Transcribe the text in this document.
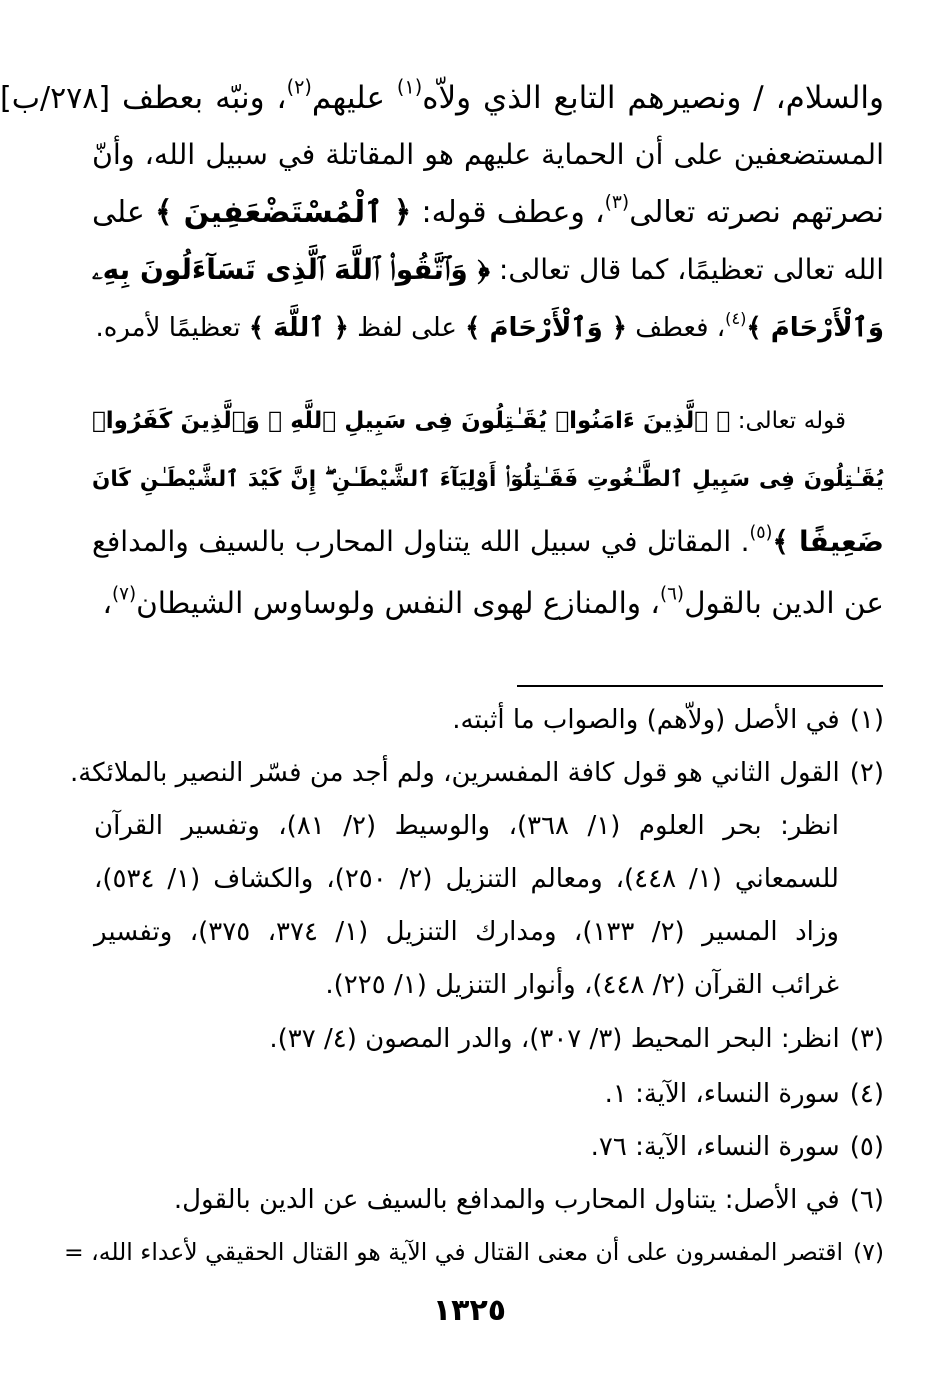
والسلام، / ونصيرهم التابع الذي ولاّه$^{(١)}$ عليهم$^{(٢)}$، ونبّه بعطف [٢٧٨/ب]
المستضعفين على أن الحماية عليهم هو المقاتلة في سبيل الله، وأنّ
نصرتهم نصرته تعالى$^{(٣)}$، وعطف قوله: ﴿ ٱلْمُسْتَضْعَفِينَ ﴾ على
الله تعالى تعظيمًا، كما قال تعالى: ﴿ وَٱتَّقُوا۟ ٱللَّهَ ٱلَّذِى تَسَآءَلُونَ بِهِۦ
وَٱلْأَرْحَامَ ﴾$^{(٤)}$، فعطف ﴿ وَٱلْأَرْحَامَ ﴾ على لفظ ﴿ ٱللَّهَ ﴾ تعظيمًا لأمره.
قوله تعالى: ﴿ ٱلَّذِينَ ءَامَنُوا۟ يُقَـٰتِلُونَ فِى سَبِيلِ ٱللَّهِ ۖ وَٱلَّذِينَ كَفَرُوا۟
يُقَـٰتِلُونَ فِى سَبِيلِ ٱلطَّـٰغُوتِ فَقَـٰتِلُوٓا۟ أَوْلِيَآءَ ٱلشَّيْطَـٰنِ ۖ إِنَّ كَيْدَ ٱلشَّيْطَـٰنِ كَانَ
ضَعِيفًا ﴾$^{(٥)}$. المقاتل في سبيل الله يتناول المحارب بالسيف والمدافع
عن الدين بالقول$^{(٦)}$، والمنازع لهوى النفس ولوساوس الشيطان$^{(٧)}$،
(١)في الأصل (ولاّهم) والصواب ما أثبته.
(٢)القول الثاني هو قول كافة المفسرين، ولم أجد من فسّر النصير بالملائكة.
انظر: بحر العلوم (١/ ٣٦٨)، والوسيط (٢/ ٨١)، وتفسير القرآن
للسمعاني (١/ ٤٤٨)، ومعالم التنزيل (٢/ ٢٥٠)، والكشاف (١/ ٥٣٤)،
وزاد المسير (٢/ ١٣٣)، ومدارك التنزيل (١/ ٣٧٤، ٣٧٥)، وتفسير
غرائب القرآن (٢/ ٤٤٨)، وأنوار التنزيل (١/ ٢٢٥).
(٣)انظر: البحر المحيط (٣/ ٣٠٧)، والدر المصون (٤/ ٣٧).
(٤)سورة النساء، الآية: ١.
(٥)سورة النساء، الآية: ٧٦.
(٦)في الأصل: يتناول المحارب والمدافع بالسيف عن الدين بالقول.
(٧)اقتصر المفسرون على أن معنى القتال في الآية هو القتال الحقيقي لأعداء الله، =
١٣٢٥
